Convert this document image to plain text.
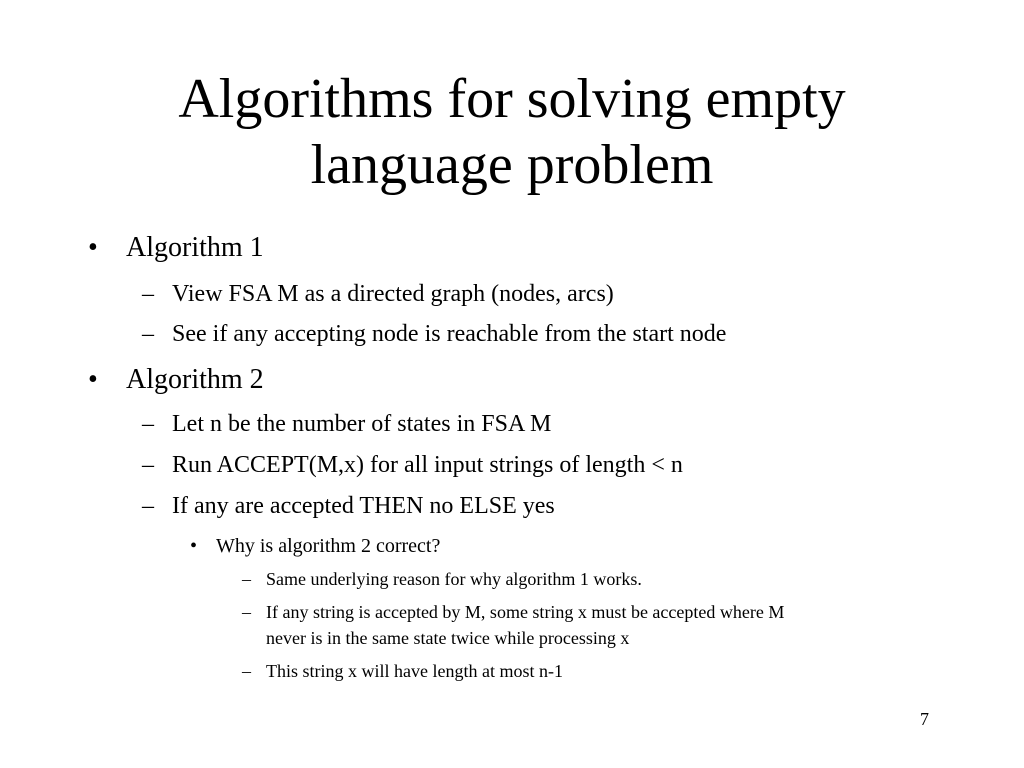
Algorithms for solving empty
language problem
• Algorithm 1
– View FSA M as a directed graph (nodes, arcs)
– See if any accepting node is reachable from the start node
• Algorithm 2
– Let n be the number of states in FSA M
– Run ACCEPT(M,x) for all input strings of length < n
– If any are accepted THEN no ELSE yes
• Why is algorithm 2 correct?
– Same underlying reason for why algorithm 1 works.
– If any string is accepted by M, some string x must be accepted where M
never is in the same state twice while processing x
– This string x will have length at most n-1
7
